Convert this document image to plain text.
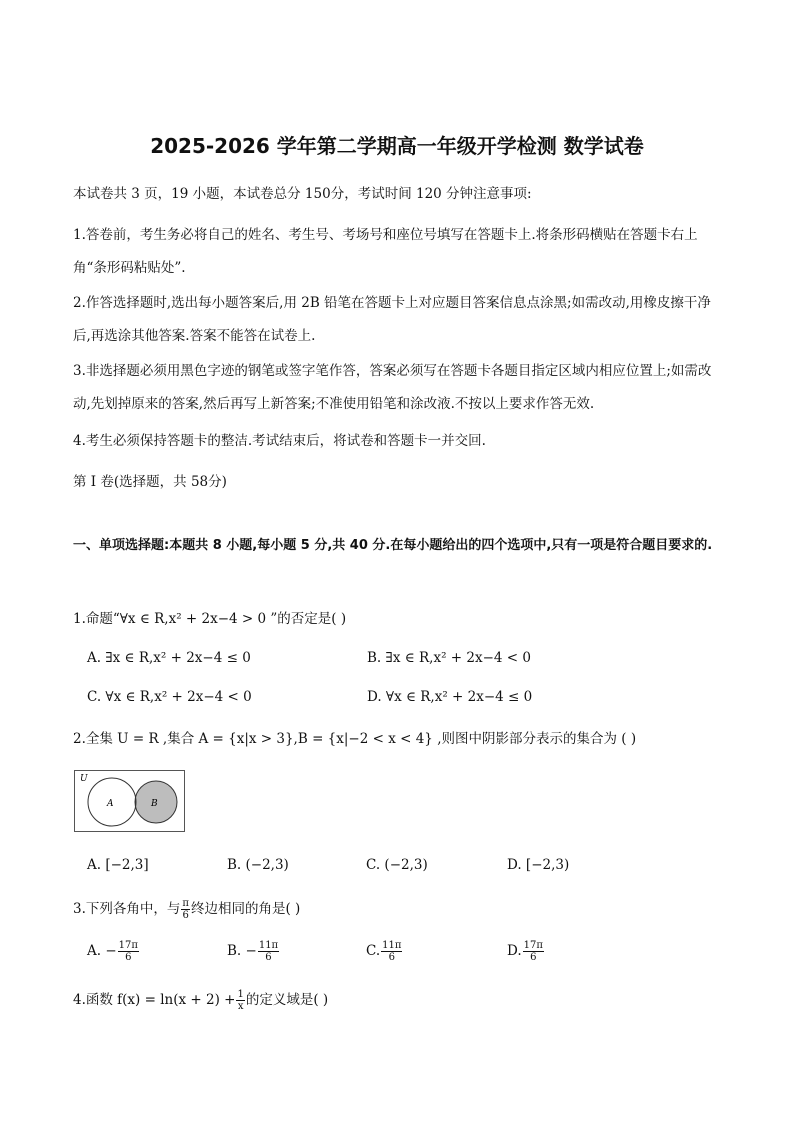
2025-2026 学年第二学期高一年级开学检测 数学试卷

本试卷共 3 页，19 小题，本试卷总分 150分，考试时间 120 分钟注意事项:

1.答卷前，考生务必将自己的姓名、考生号、考场号和座位号填写在答题卡上.将条形码横贴在答题卡右上角“条形码粘贴处”.

2.作答选择题时,选出每小题答案后,用 2B 铅笔在答题卡上对应题目答案信息点涂黑;如需改动,用橡皮擦干净后,再选涂其他答案.答案不能答在试卷上.

3.非选择题必须用黑色字迹的钢笔或签字笔作答，答案必须写在答题卡各题目指定区域内相应位置上;如需改动,先划掉原来的答案,然后再写上新答案;不准使用铅笔和涂改液.不按以上要求作答无效.

4.考生必须保持答题卡的整洁.考试结束后，将试卷和答题卡一并交回.

第 I 卷(选择题，共 58分)

一、单项选择题:本题共 8 小题,每小题 5 分,共 40 分.在每小题给出的四个选项中,只有一项是符合题目要求的.

1.命题“∀x ∈ R,x² + 2x−4 > 0 ”的否定是( )
A. ∃x ∈ R,x² + 2x−4 ≤ 0	B. ∃x ∈ R,x² + 2x−4 < 0
C. ∀x ∈ R,x² + 2x−4 < 0	D. ∀x ∈ R,x² + 2x−4 ≤ 0
2.全集 U = R ,集合 A = {x|x > 3},B = {x|−2 < x < 4} ,则图中阴影部分表示的集合为 ( )
U
A	B
A. [−2,3]	B. (−2,3)	C. (−2,3)	D. [−2,3)
3.下列各角中，与 $\frac{\pi}{6}$ 终边相同的角是( )
A. − $\frac{17\pi}{6}$	B. − $\frac{11\pi}{6}$	C. $\frac{11\pi}{6}$	D. $\frac{17\pi}{6}$
4.函数 $f(x) = \ln(x + 2) + \frac{1}{x}$ 的定义域是( )
